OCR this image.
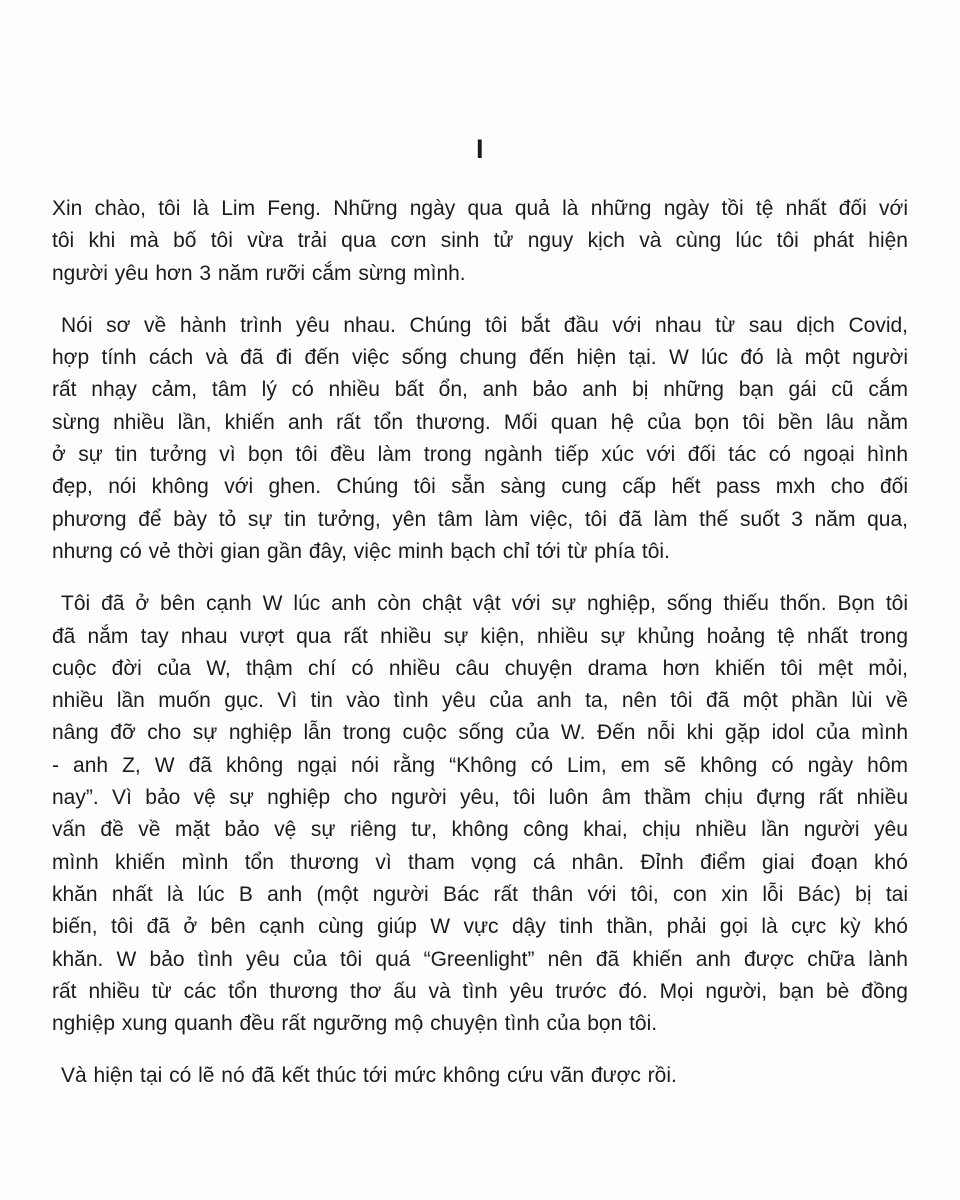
I
Xin chào, tôi là Lim Feng. Những ngày qua quả là những ngày tồi tệ nhất đối với
tôi khi mà bố tôi vừa trải qua cơn sinh tử nguy kịch và cùng lúc tôi phát hiện
người yêu hơn 3 năm rưỡi cắm sừng mình.
Nói sơ về hành trình yêu nhau. Chúng tôi bắt đầu với nhau từ sau dịch Covid,
hợp tính cách và đã đi đến việc sống chung đến hiện tại. W lúc đó là một người
rất nhạy cảm, tâm lý có nhiều bất ổn, anh bảo anh bị những bạn gái cũ cắm
sừng nhiều lần, khiến anh rất tổn thương. Mối quan hệ của bọn tôi bền lâu nằm
ở sự tin tưởng vì bọn tôi đều làm trong ngành tiếp xúc với đối tác có ngoại hình
đẹp, nói không với ghen. Chúng tôi sẵn sàng cung cấp hết pass mxh cho đối
phương để bày tỏ sự tin tưởng, yên tâm làm việc, tôi đã làm thế suốt 3 năm qua,
nhưng có vẻ thời gian gần đây, việc minh bạch chỉ tới từ phía tôi.
Tôi đã ở bên cạnh W lúc anh còn chật vật với sự nghiệp, sống thiếu thốn. Bọn tôi
đã nắm tay nhau vượt qua rất nhiều sự kiện, nhiều sự khủng hoảng tệ nhất trong
cuộc đời của W, thậm chí có nhiều câu chuyện drama hơn khiến tôi mệt mỏi,
nhiều lần muốn gục. Vì tin vào tình yêu của anh ta, nên tôi đã một phần lùi về
nâng đỡ cho sự nghiệp lẫn trong cuộc sống của W. Đến nỗi khi gặp idol của mình
- anh Z, W đã không ngại nói rằng “Không có Lim, em sẽ không có ngày hôm
nay”. Vì bảo vệ sự nghiệp cho người yêu, tôi luôn âm thầm chịu đựng rất nhiều
vấn đề về mặt bảo vệ sự riêng tư, không công khai, chịu nhiều lần người yêu
mình khiến mình tổn thương vì tham vọng cá nhân. Đỉnh điểm giai đoạn khó
khăn nhất là lúc B anh (một người Bác rất thân với tôi, con xin lỗi Bác) bị tai
biến, tôi đã ở bên cạnh cùng giúp W vực dậy tinh thần, phải gọi là cực kỳ khó
khăn. W bảo tình yêu của tôi quá “Greenlight” nên đã khiến anh được chữa lành
rất nhiều từ các tổn thương thơ ấu và tình yêu trước đó. Mọi người, bạn bè đồng
nghiệp xung quanh đều rất ngưỡng mộ chuyện tình của bọn tôi.
Và hiện tại có lẽ nó đã kết thúc tới mức không cứu vãn được rồi.
